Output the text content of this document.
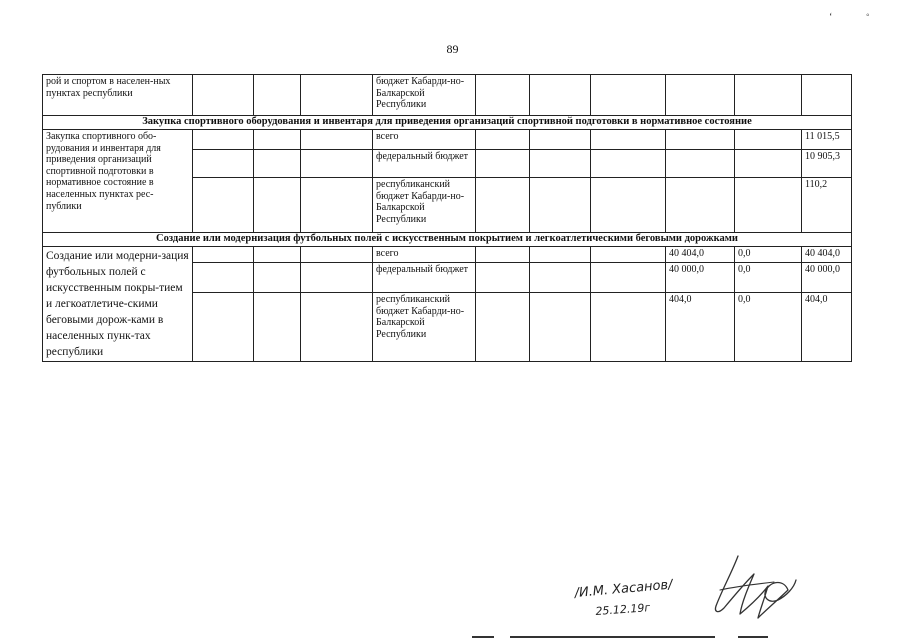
89
‘	◦
рой и спортом в населен-ных пунктах республики				бюджет Кабарди-но-Балкарской Республики						
Закупка спортивного оборудования и инвентаря для приведения организаций спортивной подготовки в нормативное состояние										
Закупка спортивного обо-рудования и инвентаря для приведения организаций спортивной подготовки в нормативное состояние в населенных пунктах рес-публики				всего						11 015,5
				федеральный бюджет						10 905,3
				республиканский бюджет Кабарди-но-Балкарской Республики						110,2
Создание или модернизация футбольных полей с искусственным покрытием и легкоатлетическими беговыми дорожками										
Создание или модерни-зация футбольных полей с искусственным покры-тием и легкоатлетиче-скими беговыми дорож-ками в населенных пунк-тах республики				всего				40 404,0	0,0	40 404,0
				федеральный бюджет				40 000,0	0,0	40 000,0
				республиканский бюджет Кабарди-но-Балкарской Республики				404,0	0,0	404,0
/И.М. Хасанов/
25.12.19г
